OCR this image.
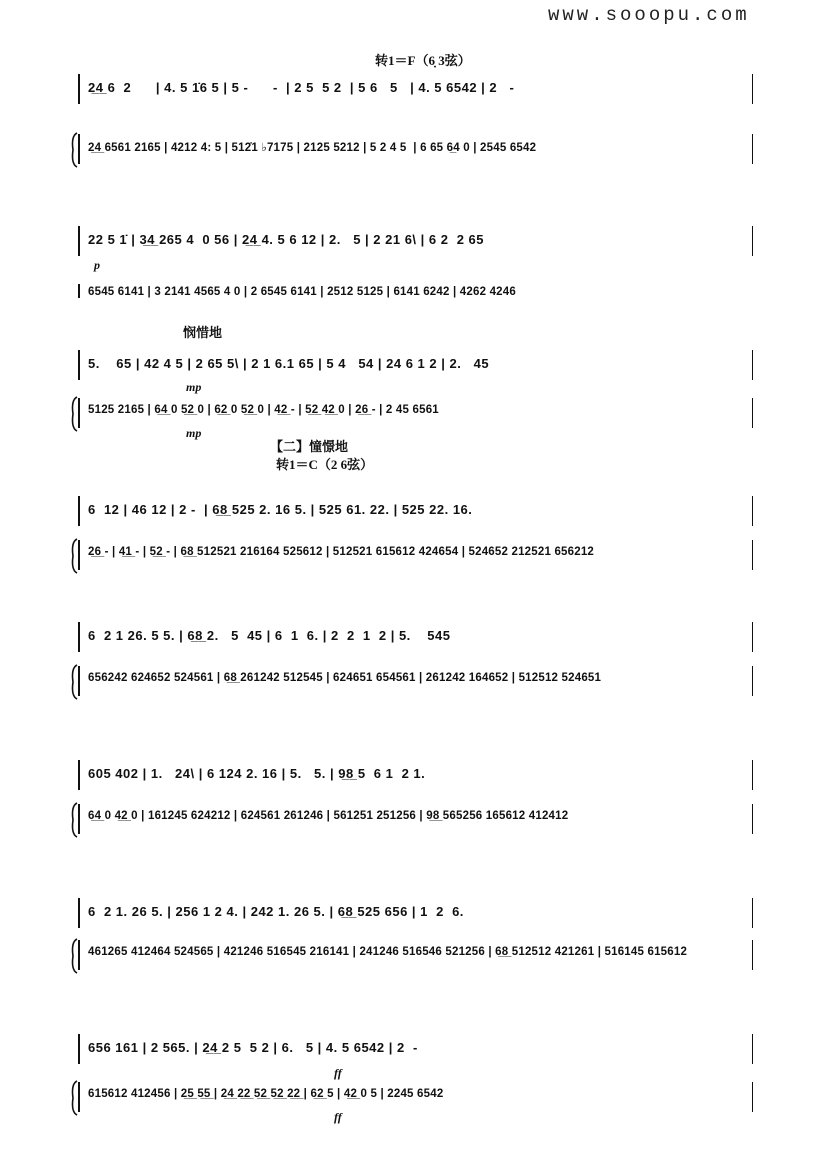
www.sooopu.com
转1＝F（6̣ 3弦）
2̲4̲ 6  2      | 4. 5 1̇6 5 | 5 -      -  | 2 5  5 2  | 5 6   5   | 4. 5 6542 | 2   -
2̲4̲ 6561 2165 | 4212 4: 5 | 512̇1 ♭7175 | 2125 5212 | 5 2 4 5  | 6 65 6̲4 0 | 2545 6542
22 5 1̇ | 3̲4̲ 265 4  0 56 | 2̲4̲ 4. 5 6 12 | 2.   5 | 2 21 6\ | 6 2  2 65
p
6545 6141 | 3 2141 4565 4 0 | 2 6545 6141 | 2512 5125 | 6141 6242 | 4262 4246
悯惜地
5.    65 | 42 4 5 | 2 65 5\ | 2 1 6.1 65 | 5 4   54 | 24 6 1 2 | 2.   45
mp
5125 2165 | 6̲4̲ 0 5̲2̲ 0 | 6̲2̲ 0 5̲2̲ 0 | 4̲2̲ - | 5̲2̲ 4̲2̲ 0 | 2̲6̲ - | 2 45 6561
mp
【二】憧憬地
转1＝C（2 6弦）
6  12 | 46 12 | 2 -  | 6̲8̲ 525 2. 16 5. | 525 61. 22. | 525 22. 16.
2̲6̲ - | 4̲1̲ - | 5̲2̲ - | 6̲8̲ 512521 216164 525612 | 512521 615612 424654 | 524652 212521 656212
6  2 1 26. 5 5. | 6̲8̲ 2.   5  45 | 6  1  6. | 2  2  1  2 | 5.    545
656242 624652 524561 | 6̲8̲ 261242 512545 | 624651 654561 | 261242 164652 | 512512 524651
605 402 | 1.   24\ | 6 124 2. 16 | 5.   5. | 9̲8̲ 5  6 1  2 1.
6̲4̲ 0 4̲2̲ 0 | 161245 624212 | 624561 261246 | 561251 251256 | 9̲8̲ 565256 165612 412412
6  2 1. 26 5. | 256 1 2 4. | 242 1. 26 5. | 6̲8̲ 525 656 | 1  2  6.
461265 412464 524565 | 421246 516545 216141 | 241246 516546 521256 | 6̲8̲ 512512 421261 | 516145 615612
656 161 | 2 565. | 2̲4̲ 2 5  5 2 | 6.   5 | 4. 5 6542 | 2  -
ff
615612 412456 | 2̲5̲ 5̲5̲ | 2̲4̲ 2̲2̲ 5̲2̲ 5̲2̲ 2̲2̲ | 6̲2̲ 5 | 4̲2̲ 0 5 | 2245 6542
ff
